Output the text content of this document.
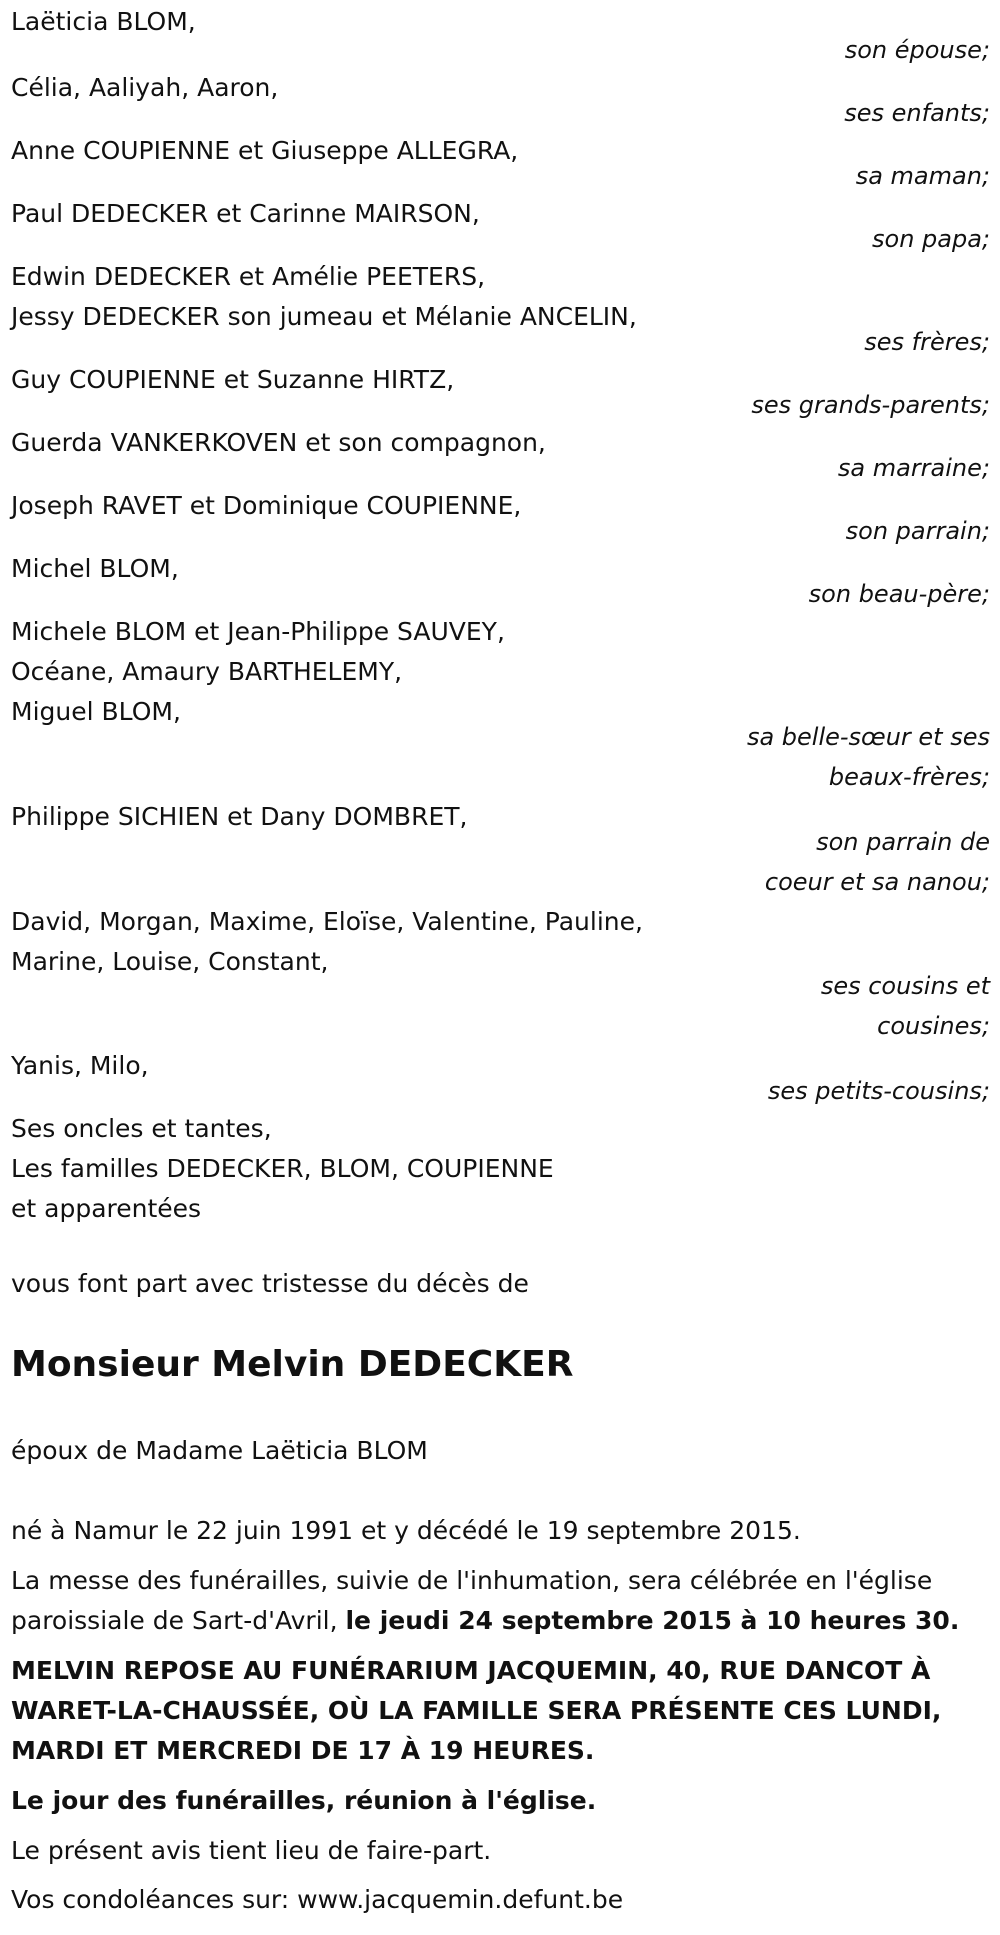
Laëticia BLOM,
son épouse;
Célia, Aaliyah, Aaron,
ses enfants;
Anne COUPIENNE et Giuseppe ALLEGRA,
sa maman;
Paul DEDECKER et Carinne MAIRSON,
son papa;
Edwin DEDECKER et Amélie PEETERS,
Jessy DEDECKER son jumeau et Mélanie ANCELIN,
ses frères;
Guy COUPIENNE et Suzanne HIRTZ,
ses grands-parents;
Guerda VANKERKOVEN et son compagnon,
sa marraine;
Joseph RAVET et Dominique COUPIENNE,
son parrain;
Michel BLOM,
son beau-père;
Michele BLOM et Jean-Philippe SAUVEY,
Océane, Amaury BARTHELEMY,
Miguel BLOM,
sa belle-sœur et ses
beaux-frères;
Philippe SICHIEN et Dany DOMBRET,
son parrain de
coeur et sa nanou;
David, Morgan, Maxime, Eloïse, Valentine, Pauline,
Marine, Louise, Constant,
ses cousins et
cousines;
Yanis, Milo,
ses petits-cousins;
Ses oncles et tantes,
Les familles DEDECKER, BLOM, COUPIENNE
et apparentées

vous font part avec tristesse du décès de

Monsieur Melvin DEDECKER

époux de Madame Laëticia BLOM

né à Namur le 22 juin 1991 et y décédé le 19 septembre 2015.

La messe des funérailles, suivie de l'inhumation, sera célébrée en l'église paroissiale de Sart-d'Avril, le jeudi 24 septembre 2015 à 10 heures 30.

MELVIN REPOSE AU FUNÉRARIUM JACQUEMIN, 40, RUE DANCOT À WARET-LA-CHAUSSÉE, OÙ LA FAMILLE SERA PRÉSENTE CES LUNDI, MARDI ET MERCREDI DE 17 À 19 HEURES.

Le jour des funérailles, réunion à l'église.

Le présent avis tient lieu de faire-part.

Vos condoléances sur: www.jacquemin.defunt.be
